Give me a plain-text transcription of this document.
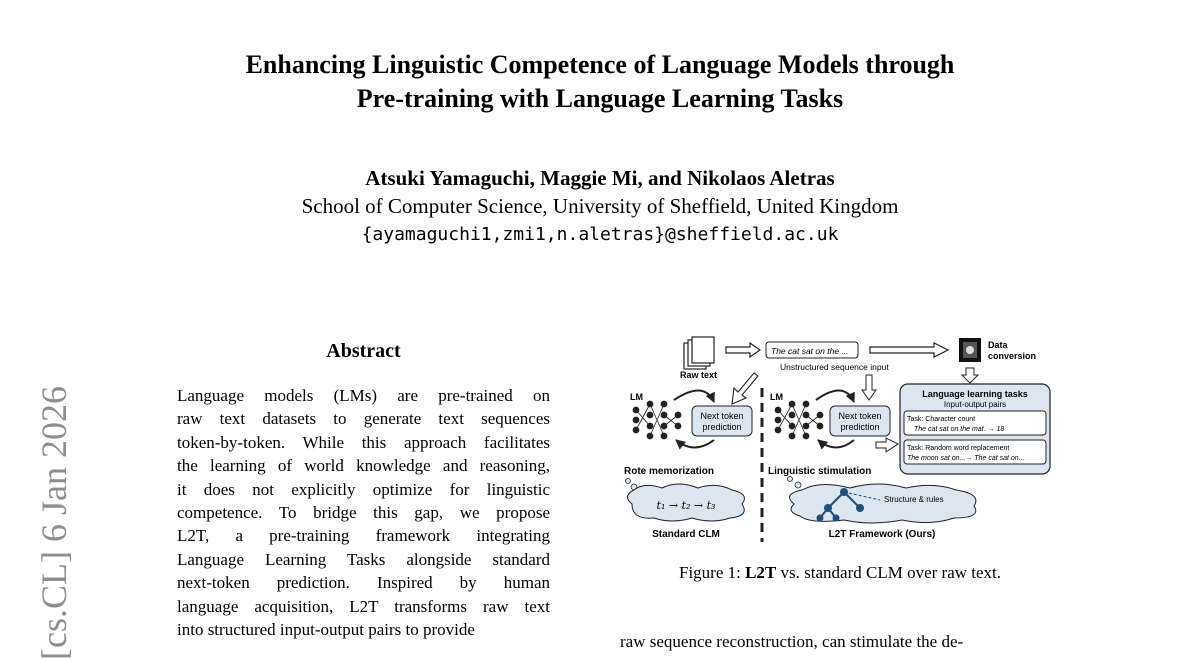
Enhancing Linguistic Competence of Language Models through
Pre-training with Language Learning Tasks
Atsuki Yamaguchi, Maggie Mi, and Nikolaos Aletras
School of Computer Science, University of Sheffield, United Kingdom
{ayamaguchi1,zmi1,n.aletras}@sheffield.ac.uk
[cs.CL] 6 Jan 2026
Abstract
Language models (LMs) are pre-trained on
raw text datasets to generate text sequences
token-by-token. While this approach facilitates
the learning of world knowledge and reasoning,
it does not explicitly optimize for linguistic
competence. To bridge this gap, we propose
L2T, a pre-training framework integrating
Language Learning Tasks alongside standard
next-token prediction. Inspired by human
language acquisition, L2T transforms raw text
into structured input-output pairs to provide
Raw text
The cat sat on the ...
Unstructured sequence input
Data
conversion
LM
Next token
prediction
LM
Next token
prediction
Language learning tasks
Input-output pairs
Task: Character count
The cat sat on the mat. → 18
Task: Random word replacement
The moon sat on...→ The cat sat on...
Rote memorization	Linguistic stimulation
t₁ → t₂ → t₃	Structure & rules
Standard CLM	L2T Framework (Ours)
Figure 1: L2T vs. standard CLM over raw text.
raw sequence reconstruction, can stimulate the de-
